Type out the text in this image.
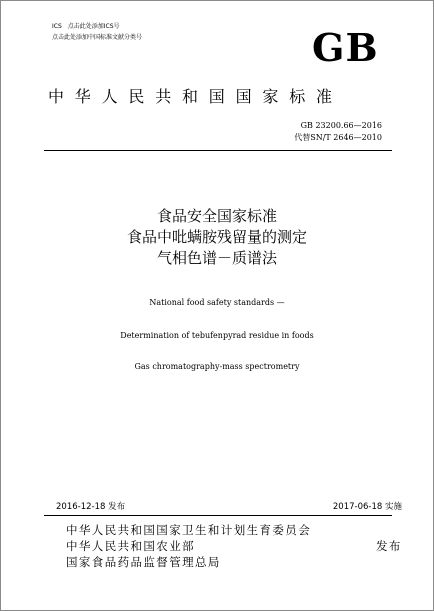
ICS 点击此处添加ICS号
点击此处添加中国标准文献分类号	GB
中华人民共和国国家标准
GB 23200.66—2016
代替SN/T 2646—2010
食品安全国家标准
食品中吡螨胺残留量的测定
气相色谱－质谱法
National food safety standards —
Determination of tebufenpyrad residue in foods
Gas chromatography-mass spectrometry
2016-12-18 发布	2017-06-18 实施
中华人民共和国国家卫生和计划生育委员会
中华人民共和国农业部
国家食品药品监督管理总局
发布
